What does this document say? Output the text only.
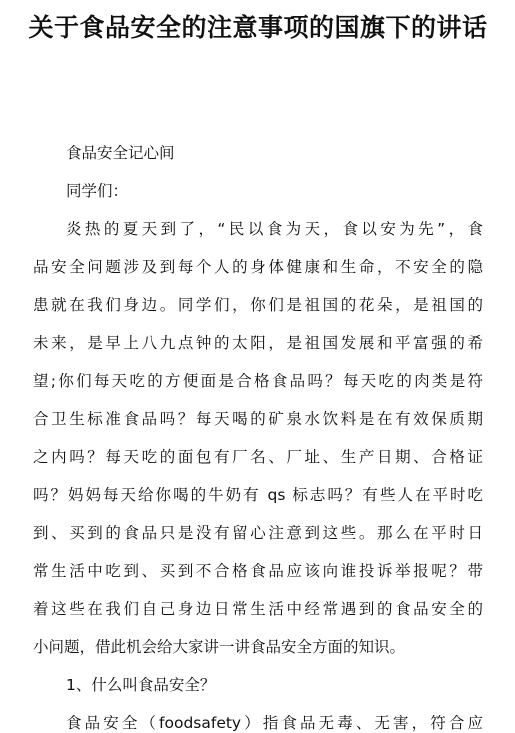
关于食品安全的注意事项的国旗下的讲话

食品安全记心间

同学们：

炎热的夏天到了，“民以食为天，食以安为先”，食

品安全问题涉及到每个人的身体健康和生命，不安全的隐

患就在我们身边。同学们，你们是祖国的花朵，是祖国的

未来，是早上八九点钟的太阳，是祖国发展和平富强的希

望;你们每天吃的方便面是合格食品吗？每天吃的肉类是符

合卫生标准食品吗？每天喝的矿泉水饮料是在有效保质期

之内吗？每天吃的面包有厂名、厂址、生产日期、合格证

吗？妈妈每天给你喝的牛奶有 qs 标志吗？有些人在平时吃

到、买到的食品只是没有留心注意到这些。那么在平时日

常生活中吃到、买到不合格食品应该向谁投诉举报呢？带

着这些在我们自己身边日常生活中经常遇到的食品安全的

小问题，借此机会给大家讲一讲食品安全方面的知识。

1、什么叫食品安全？

食品安全（foodsafety）指食品无毒、无害，符合应
